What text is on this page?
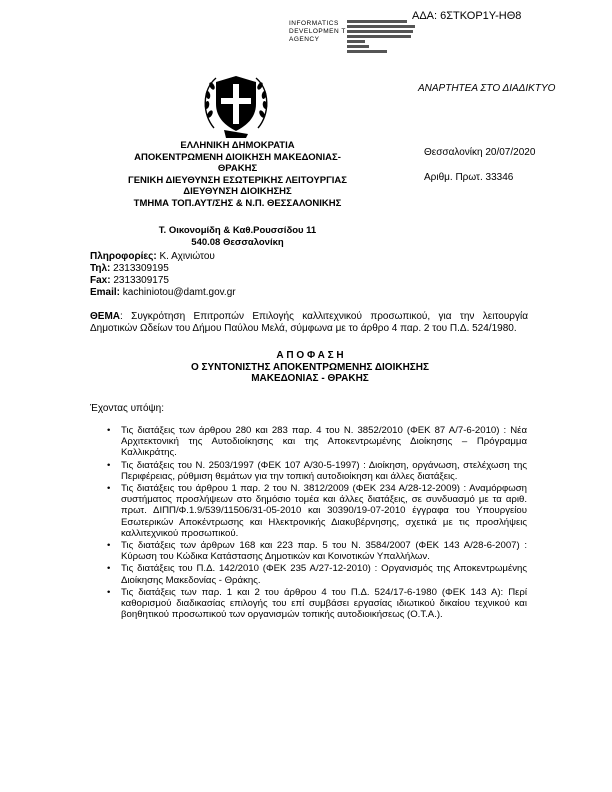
ΑΔΑ: 6ΣΤΚΟΡ1Υ-ΗΘ8
INFORMATICS DEVELOPMEN T AGENCY
ΑΝΑΡΤΗΤΕΑ ΣΤΟ ΔΙΑΔΙΚΤΥΟ
ΕΛΛΗΝΙΚΗ ΔΗΜΟΚΡΑΤΙΑ
ΑΠΟΚΕΝΤΡΩΜΕΝΗ ΔΙΟΙΚΗΣΗ ΜΑΚΕΔΟΝΙΑΣ-
ΘΡΑΚΗΣ
ΓΕΝΙΚΗ ΔΙΕΥΘΥΝΣΗ ΕΣΩΤΕΡΙΚΗΣ ΛΕΙΤΟΥΡΓΙΑΣ
ΔΙΕΥΘΥΝΣΗ ΔΙΟΙΚΗΣΗΣ
ΤΜΗΜΑ ΤΟΠ.ΑΥΤ/ΣΗΣ & Ν.Π. ΘΕΣΣΑΛΟΝΙΚΗΣ
Θεσσαλονίκη 20/07/2020
Αριθμ. Πρωτ. 33346
Τ. Οικονομίδη & Καθ.Ρουσσίδου 11
540.08 Θεσσαλονίκη
Πληροφορίες: Κ. Αχινιώτου
Τηλ: 2313309195
Fax: 2313309175
Email: kachiniotou@damt.gov.gr
ΘΕΜΑ: Συγκρότηση Επιτροπών Επιλογής καλλιτεχνικού προσωπικού, για την λειτουργία Δημοτικών Ωδείων του Δήμου Παύλου Μελά, σύμφωνα με το άρθρο 4 παρ. 2 του Π.Δ. 524/1980.
Α Π Ο Φ Α Σ Η
Ο ΣΥΝΤΟΝΙΣΤΗΣ ΑΠΟΚΕΝΤΡΩΜΕΝΗΣ ΔΙΟΙΚΗΣΗΣ
ΜΑΚΕΔΟΝΙΑΣ - ΘΡΑΚΗΣ
Έχοντας υπόψη:
• Τις διατάξεις των άρθρου 280 και 283 παρ. 4 του Ν. 3852/2010 (ΦΕΚ 87 Α/7-6-2010) : Νέα Αρχιτεκτονική της Αυτοδιοίκησης και της Αποκεντρωμένης Διοίκησης – Πρόγραμμα Καλλικράτης.
• Τις διατάξεις του Ν. 2503/1997 (ΦΕΚ 107 Α/30-5-1997) : Διοίκηση, οργάνωση, στελέχωση της Περιφέρειας, ρύθμιση θεμάτων για την τοπική αυτοδιοίκηση και άλλες διατάξεις.
• Τις διατάξεις του άρθρου 1 παρ. 2 του Ν. 3812/2009 (ΦΕΚ 234 Α/28-12-2009) : Αναμόρφωση συστήματος προσλήψεων στο δημόσιο τομέα και άλλες διατάξεις, σε συνδυασμό με τα αριθ. πρωτ. ΔΙΠΠ/Φ.1.9/539/11506/31-05-2010 και 30390/19-07-2010 έγγραφα του Υπουργείου Εσωτερικών Αποκέντρωσης και Ηλεκτρονικής Διακυβέρνησης, σχετικά με τις προσλήψεις καλλιτεχνικού προσωπικού.
• Τις διατάξεις των άρθρων 168 και 223 παρ. 5 του Ν. 3584/2007 (ΦΕΚ 143 Α/28-6-2007) : Κύρωση του Κώδικα Κατάστασης Δημοτικών και Κοινοτικών Υπαλλήλων.
• Τις διατάξεις του Π.Δ. 142/2010 (ΦΕΚ 235 Α/27-12-2010) : Οργανισμός της Αποκεντρωμένης Διοίκησης Μακεδονίας - Θράκης.
• Τις διατάξεις των παρ. 1 και 2 του άρθρου 4 του Π.Δ. 524/17-6-1980 (ΦΕΚ 143 Α): Περί καθορισμού διαδικασίας επιλογής του επί συμβάσει εργασίας ιδιωτικού δικαίου τεχνικού και βοηθητικού προσωπικού των οργανισμών τοπικής αυτοδιοικήσεως (Ο.Τ.Α.).
